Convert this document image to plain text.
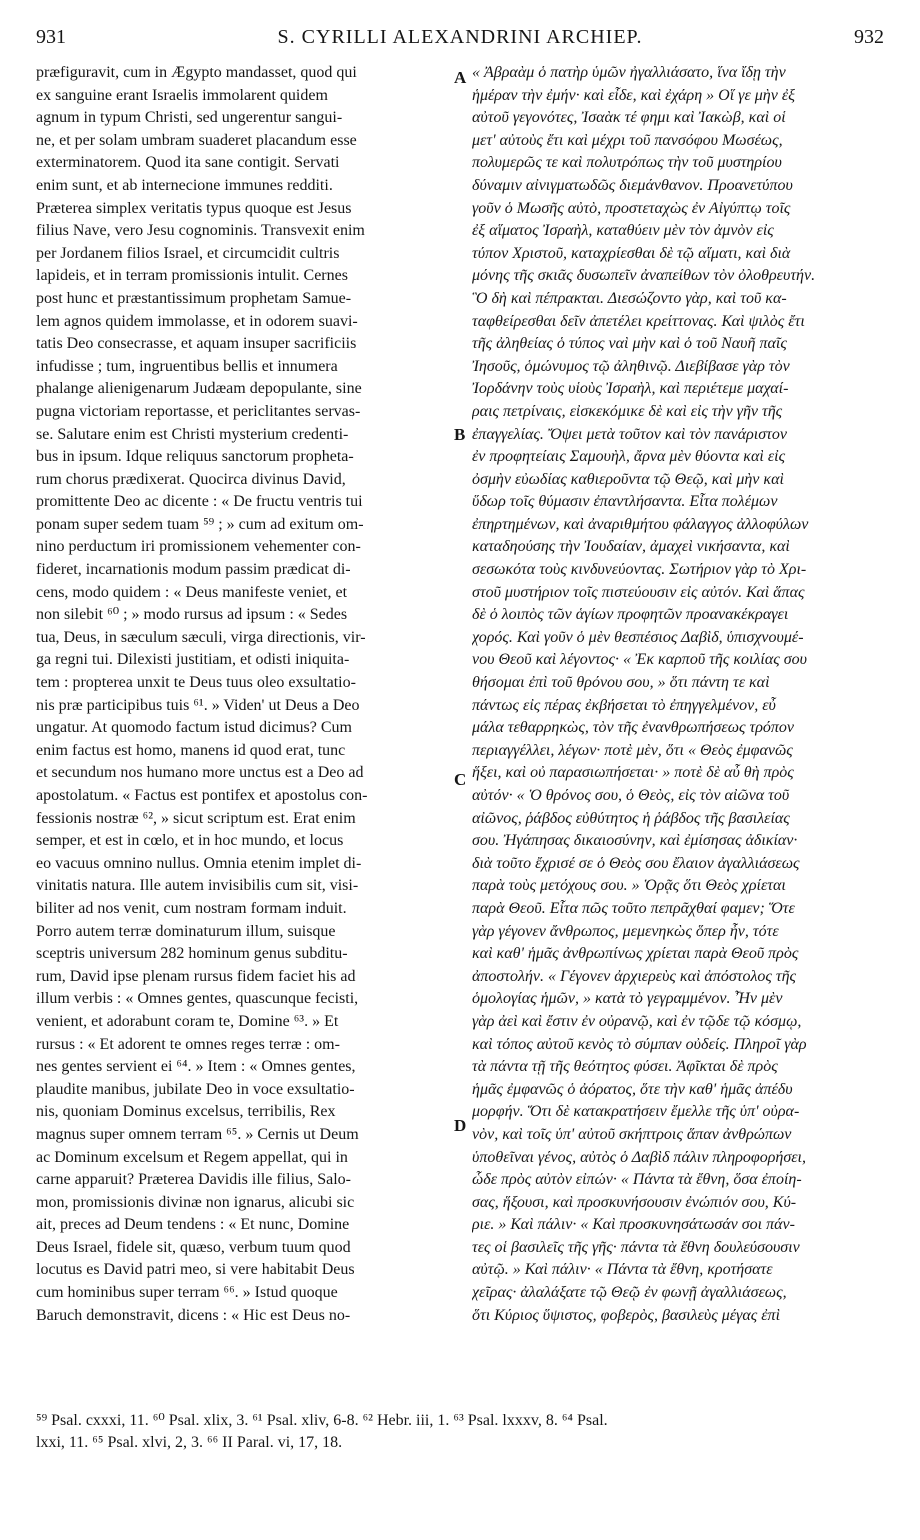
931	S. CYRILLI ALEXANDRINI ARCHIEP.	932
præfiguravit, cum in Ægypto mandasset, quod qui
ex sanguine erant Israelis immolarent quidem
agnum in typum Christi, sed ungerentur sangui-
ne, et per solam umbram suaderet placandum esse
exterminatorem. Quod ita sane contigit. Servati
enim sunt, et ab internecione immunes redditi.
Præterea simplex veritatis typus quoque est Jesus
filius Nave, vero Jesu cognominis. Transvexit enim
per Jordanem filios Israel, et circumcidit cultris
lapideis, et in terram promissionis intulit. Cernes
post hunc et præstantissimum prophetam Samue-
lem agnos quidem immolasse, et in odorem suavi-
tatis Deo consecrasse, et aquam insuper sacrificiis
infudisse ; tum, ingruentibus bellis et innumera
phalange alienigenarum Judæam depopulante, sine
pugna victoriam reportasse, et periclitantes servas-
se. Salutare enim est Christi mysterium credenti-
bus in ipsum. Idque reliquus sanctorum propheta-
rum chorus prædixerat. Quocirca divinus David,
promittente Deo ac dicente : « De fructu ventris tui
ponam super sedem tuam ⁵⁹ ; » cum ad exitum om-
nino perductum iri promissionem vehementer con-
fideret, incarnationis modum passim prædicat di-
cens, modo quidem : « Deus manifeste veniet, et
non silebit ⁶⁰ ; » modo rursus ad ipsum : « Sedes
tua, Deus, in sæculum sæculi, virga directionis, vir-
ga regni tui. Dilexisti justitiam, et odisti iniquita-
tem : propterea unxit te Deus tuus oleo exsultatio-
nis præ participibus tuis ⁶¹. » Viden' ut Deus a Deo
ungatur. At quomodo factum istud dicimus? Cum
enim factus est homo, manens id quod erat, tunc
et secundum nos humano more unctus est a Deo ad
apostolatum. « Factus est pontifex et apostolus con-
fessionis nostræ ⁶², » sicut scriptum est. Erat enim
semper, et est in cœlo, et in hoc mundo, et locus
eo vacuus omnino nullus. Omnia etenim implet di-
vinitatis natura. Ille autem invisibilis cum sit, visi-
biliter ad nos venit, cum nostram formam induit.
Porro autem terræ dominaturum illum, suisque
sceptris universum 282 hominum genus subditu-
rum, David ipse plenam rursus fidem faciet his ad
illum verbis : « Omnes gentes, quascunque fecisti,
venient, et adorabunt coram te, Domine ⁶³. » Et
rursus : « Et adorent te omnes reges terræ : om-
nes gentes servient ei ⁶⁴. » Item : « Omnes gentes,
plaudite manibus, jubilate Deo in voce exsultatio-
nis, quoniam Dominus excelsus, terribilis, Rex
magnus super omnem terram ⁶⁵. » Cernis ut Deum
ac Dominum excelsum et Regem appellat, qui in
carne apparuit? Præterea Davidis ille filius, Salo-
mon, promissionis divinæ non ignarus, alicubi sic
ait, preces ad Deum tendens : « Et nunc, Domine
Deus Israel, fidele sit, quæso, verbum tuum quod
locutus es David patri meo, si vere habitabit Deus
cum hominibus super terram ⁶⁶. » Istud quoque
Baruch demonstravit, dicens : « Hic est Deus no-
A
B
C
D
« Ἀβραὰμ ὁ πατὴρ ὑμῶν ἠγαλλιάσατο, ἵνα ἴδῃ τὴν
ἡμέραν τὴν ἐμήν· καὶ εἶδε, καὶ ἐχάρη » Οἵ γε μὴν ἐξ
αὐτοῦ γεγονότες, Ἰσαὰκ τέ φημι καὶ Ἰακὼβ, καὶ οἱ
μετ' αὐτοὺς ἔτι καὶ μέχρι τοῦ πανσόφου Μωσέως,
πολυμερῶς τε καὶ πολυτρόπως τὴν τοῦ μυστηρίου
δύναμιν αἰνιγματωδῶς διεμάνθανον. Προανετύπου
γοῦν ὁ Μωσῆς αὐτὸ, προστεταχὼς ἐν Αἰγύπτῳ τοῖς
ἐξ αἵματος Ἰσραὴλ, καταθύειν μὲν τὸν ἀμνὸν εἰς
τύπον Χριστοῦ, καταχρίεσθαι δὲ τῷ αἵματι, καὶ διὰ
μόνης τῆς σκιᾶς δυσωπεῖν ἀναπείθων τὸν ὀλοθρευτήν.
Ὃ δὴ καὶ πέπρακται. Διεσώζοντο γὰρ, καὶ τοῦ κα-
ταφθείρεσθαι δεῖν ἀπετέλει κρείττονας. Καὶ ψιλὸς ἔτι
τῆς ἀληθείας ὁ τύπος ναὶ μὴν καὶ ὁ τοῦ Ναυῆ παῖς
Ἰησοῦς, ὁμώνυμος τῷ ἀληθινῷ. Διεβίβασε γὰρ τὸν
Ἰορδάνην τοὺς υἱοὺς Ἰσραὴλ, καὶ περιέτεμε μαχαί-
ραις πετρίναις, εἰσκεκόμικε δὲ καὶ εἰς τὴν γῆν τῆς
ἐπαγγελίας. Ὄψει μετὰ τοῦτον καὶ τὸν πανάριστον
ἐν προφητείαις Σαμουὴλ, ἄρνα μὲν θύοντα καὶ εἰς
ὀσμὴν εὐωδίας καθιεροῦντα τῷ Θεῷ, καὶ μὴν καὶ
ὕδωρ τοῖς θύμασιν ἐπαντλήσαντα. Εἶτα πολέμων
ἐπηρτημένων, καὶ ἀναριθμήτου φάλαγγος ἀλλοφύλων
καταδηούσης τὴν Ἰουδαίαν, ἀμαχεὶ νικήσαντα, καὶ
σεσωκότα τοὺς κινδυνεύοντας. Σωτήριον γὰρ τὸ Χρι-
στοῦ μυστήριον τοῖς πιστεύουσιν εἰς αὐτόν. Καὶ ἅπας
δὲ ὁ λοιπὸς τῶν ἁγίων προφητῶν προανακέκραγει
χορός. Καὶ γοῦν ὁ μὲν θεσπέσιος Δαβὶδ, ὑπισχνουμέ-
νου Θεοῦ καὶ λέγοντος· « Ἐκ καρποῦ τῆς κοιλίας σου
θήσομαι ἐπὶ τοῦ θρόνου σου, » ὅτι πάντη τε καὶ
πάντως εἰς πέρας ἐκβήσεται τὸ ἐπηγγελμένον, εὖ
μάλα τεθαρρηκὼς, τὸν τῆς ἐνανθρωπήσεως τρόπον
περιαγγέλλει, λέγων· ποτὲ μὲν, ὅτι « Θεὸς ἐμφανῶς
ἥξει, καὶ οὐ παρασιωπήσεται· » ποτὲ δὲ αὖ θὴ πρὸς
αὐτόν· « Ὁ θρόνος σου, ὁ Θεὸς, εἰς τὸν αἰῶνα τοῦ
αἰῶνος, ῥάβδος εὐθύτητος ἡ ῥάβδος τῆς βασιλείας
σου. Ἠγάπησας δικαιοσύνην, καὶ ἐμίσησας ἀδικίαν·
διὰ τοῦτο ἔχρισέ σε ὁ Θεὸς σου ἔλαιον ἀγαλλιάσεως
παρὰ τοὺς μετόχους σου. » Ὁρᾷς ὅτι Θεὸς χρίεται
παρὰ Θεοῦ. Εἶτα πῶς τοῦτο πεπρᾶχθαί φαμεν; Ὅτε
γὰρ γέγονεν ἄνθρωπος, μεμενηκὼς ὅπερ ἦν, τότε
καὶ καθ' ἡμᾶς ἀνθρωπίνως χρίεται παρὰ Θεοῦ πρὸς
ἀποστολήν. « Γέγονεν ἀρχιερεὺς καὶ ἀπόστολος τῆς
ὁμολογίας ἡμῶν, » κατὰ τὸ γεγραμμένον. Ἦν μὲν
γὰρ ἀεὶ καὶ ἔστιν ἐν οὐρανῷ, καὶ ἐν τῷδε τῷ κόσμῳ,
καὶ τόπος αὐτοῦ κενὸς τὸ σύμπαν οὐδείς. Πληροῖ γὰρ
τὰ πάντα τῇ τῆς θεότητος φύσει. Ἀφῖκται δὲ πρὸς
ἡμᾶς ἐμφανῶς ὁ ἀόρατος, ὅτε τὴν καθ' ἡμᾶς ἀπέδυ
μορφήν. Ὅτι δὲ κατακρατήσειν ἔμελλε τῆς ὑπ' οὐρα-
νὸν, καὶ τοῖς ὑπ' αὐτοῦ σκήπτροις ἅπαν ἀνθρώπων
ὑποθεῖναι γένος, αὐτὸς ὁ Δαβὶδ πάλιν πληροφορήσει,
ὧδε πρὸς αὐτὸν εἰπών· « Πάντα τὰ ἔθνη, ὅσα ἐποίη-
σας, ἥξουσι, καὶ προσκυνήσουσιν ἐνώπιόν σου, Κύ-
ριε. » Καὶ πάλιν· « Καὶ προσκυνησάτωσάν σοι πάν-
τες οἱ βασιλεῖς τῆς γῆς· πάντα τὰ ἔθνη δουλεύσουσιν
αὐτῷ. » Καὶ πάλιν· « Πάντα τὰ ἔθνη, κροτήσατε
χεῖρας· ἀλαλάξατε τῷ Θεῷ ἐν φωνῇ ἀγαλλιάσεως,
ὅτι Κύριος ὕψιστος, φοβερὸς, βασιλεὺς μέγας ἐπὶ
⁵⁹ Psal. cxxxi, 11. ⁶⁰ Psal. xlix, 3. ⁶¹ Psal. xliv, 6-8. ⁶² Hebr. iii, 1. ⁶³ Psal. lxxxv, 8. ⁶⁴ Psal.
lxxi, 11. ⁶⁵ Psal. xlvi, 2, 3. ⁶⁶ II Paral. vi, 17, 18.
